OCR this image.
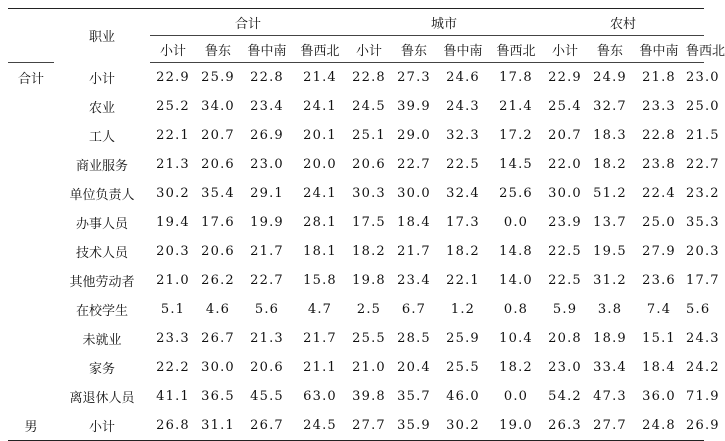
	职业	合计				城市				农村			
		小计	鲁东	鲁中南	鲁西北	小计	鲁东	鲁中南	鲁西北	小计	鲁东	鲁中南	鲁西北
合计	小计	22.9	25.9	22.8	21.4	22.8	27.3	24.6	17.8	22.9	24.9	21.8	23.0
	农业	25.2	34.0	23.4	24.1	24.5	39.9	24.3	21.4	25.4	32.7	23.3	25.0
	工人	22.1	20.7	26.9	20.1	25.1	29.0	32.3	17.2	20.7	18.3	22.8	21.5
	商业服务	21.3	20.6	23.0	20.0	20.6	22.7	22.5	14.5	22.0	18.2	23.8	22.7
	单位负责人	30.2	35.4	29.1	24.1	30.3	30.0	32.4	25.6	30.0	51.2	22.4	23.2
	办事人员	19.4	17.6	19.9	28.1	17.5	18.4	17.3	0.0	23.9	13.7	25.0	35.3
	技术人员	20.3	20.6	21.7	18.1	18.2	21.7	18.2	14.8	22.5	19.5	27.9	20.3
	其他劳动者	21.0	26.2	22.7	15.8	19.8	23.4	22.1	14.0	22.5	31.2	23.6	17.7
	在校学生	5.1	4.6	5.6	4.7	2.5	6.7	1.2	0.8	5.9	3.8	7.4	5.6
	未就业	23.3	26.7	21.3	21.7	25.5	28.5	25.9	10.4	20.8	18.9	15.1	24.3
	家务	22.2	30.0	20.6	21.1	21.0	20.4	25.5	18.2	23.0	33.4	18.4	24.2
	离退休人员	41.1	36.5	45.5	63.0	39.8	35.7	46.0	0.0	54.2	47.3	36.0	71.9
男	小计	26.8	31.1	26.7	24.5	27.7	35.9	30.2	19.0	26.3	27.7	24.8	26.9
